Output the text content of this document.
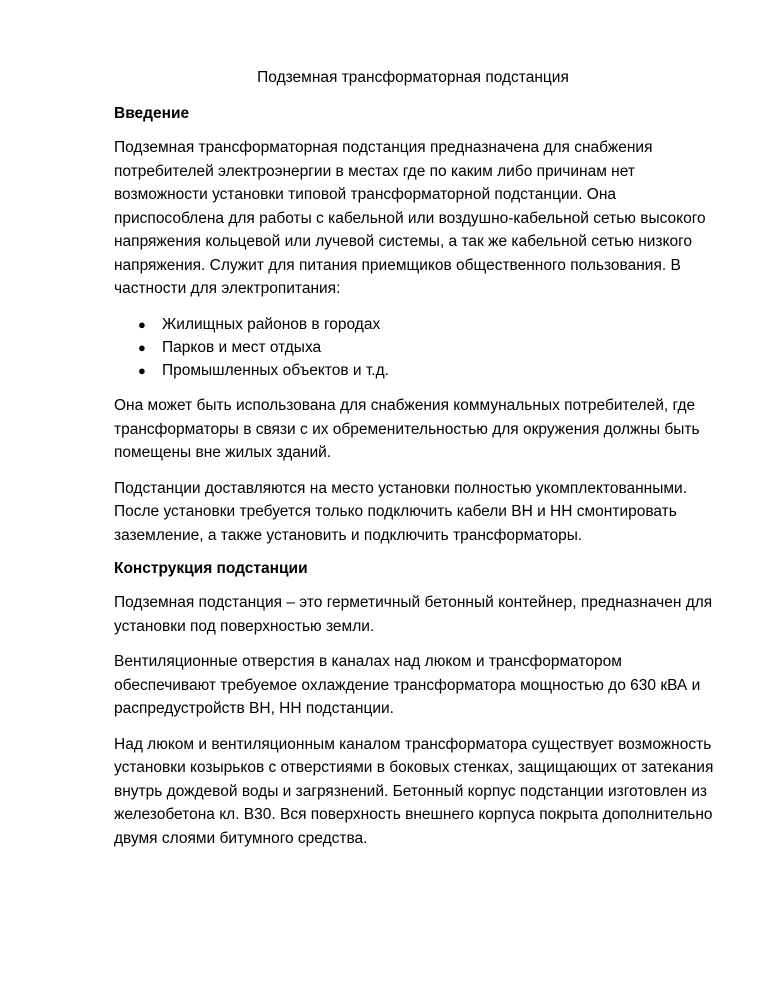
Подземная трансформаторная подстанция
Введение

Подземная трансформаторная подстанция предназначена для снабжения потребителей электроэнергии в местах где по каким либо причинам нет возможности установки типовой трансформаторной подстанции. Она приспособлена для работы с кабельной или воздушно-кабельной сетью высокого напряжения кольцевой или лучевой системы, а так же кабельной сетью низкого напряжения. Служит для питания приемщиков общественного пользования. В частности для электропитания:

●	Жилищных районов в городах
●	Парков и мест отдыха
●	Промышленных объектов и т.д.

Она может быть использована для снабжения коммунальных потребителей, где трансформаторы в связи с их обременительностью для окружения должны быть помещены вне жилых зданий.

Подстанции доставляются на место установки полностью укомплектованными. После установки требуется только подключить кабели ВН и НН смонтировать заземление, а также установить и подключить трансформаторы.

Конструкция подстанции

Подземная подстанция – это герметичный бетонный контейнер, предназначен для установки под поверхностью земли.

Вентиляционные отверстия в каналах над люком и трансформатором обеспечивают требуемое охлаждение трансформатора мощностью до 630 кВА и распредустройств ВН, НН подстанции.

Над люком и вентиляционным каналом трансформатора существует возможность установки козырьков с отверстиями в боковых стенках, защищающих от затекания внутрь дождевой воды и загрязнений. Бетонный корпус подстанции изготовлен из железобетона кл. В30. Вся поверхность внешнего корпуса покрыта дополнительно двумя слоями битумного средства.
